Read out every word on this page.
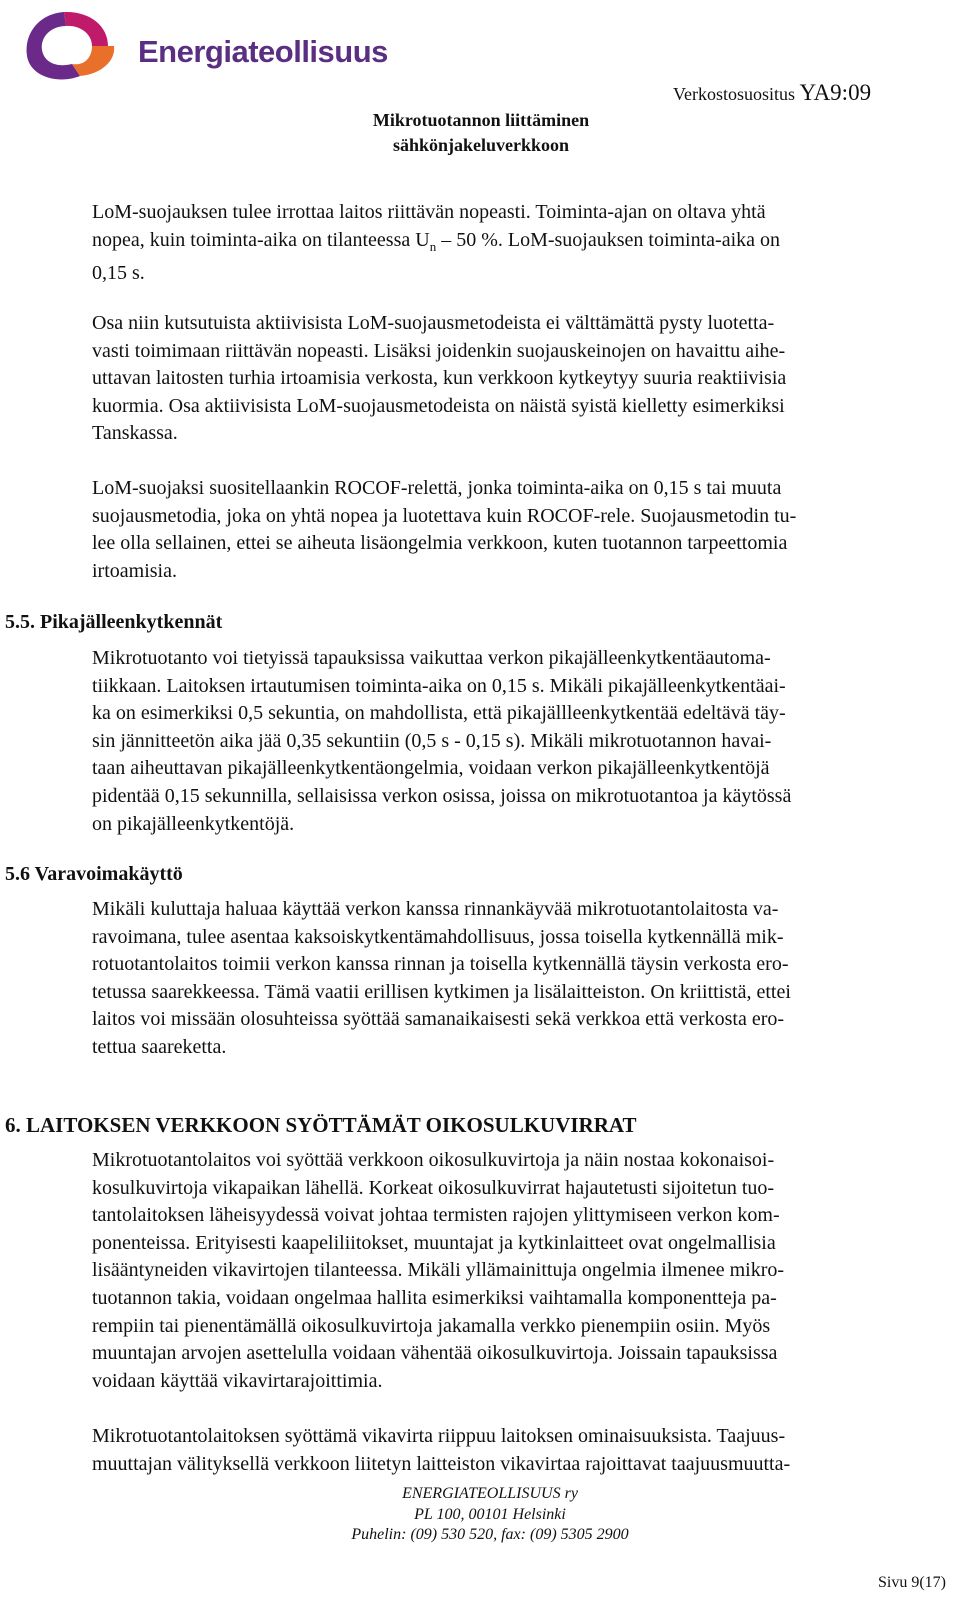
Energiateollisuus
Mikrotuotannon liittäminen
sähkönjakeluverkkoon
Verkostosuositus YA9:09

LoM-suojauksen tulee irrottaa laitos riittävän nopeasti. Toiminta-ajan on oltava yhtä
nopea, kuin toiminta-aika on tilanteessa $U_n - 50$ %. LoM-suojauksen toiminta-aika on
0,15 s.

Osa niin kutsutuista aktiivisista LoM-suojausmetodeista ei välttämättä pysty luotetta-
vasti toimimaan riittävän nopeasti. Lisäksi joidenkin suojauskeinojen on havaittu aihe-
uttavan laitosten turhia irtoamisia verkosta, kun verkkoon kytkeytyy suuria reaktiivisia
kuormia. Osa aktiivisista LoM-suojausmetodeista on näistä syistä kielletty esimerkiksi
Tanskassa.

LoM-suojaksi suositellaankin ROCOF-relettä, jonka toiminta-aika on 0,15 s tai muuta
suojausmetodia, joka on yhtä nopea ja luotettava kuin ROCOF-rele. Suojausmetodin tu-
lee olla sellainen, ettei se aiheuta lisäongelmia verkkoon, kuten tuotannon tarpeettomia
irtoamisia.

5.5. Pikajälleenkytkennät

Mikrotuotanto voi tietyissä tapauksissa vaikuttaa verkon pikajälleenkytkentäautoma-
tiikkaan. Laitoksen irtautumisen toiminta-aika on 0,15 s. Mikäli pikajälleenkytkentäai-
ka on esimerkiksi 0,5 sekuntia, on mahdollista, että pikajällleenkytkentää edeltävä täy-
sin jännitteetön aika jää 0,35 sekuntiin (0,5 s - 0,15 s). Mikäli mikrotuotannon havai-
taan aiheuttavan pikajälleenkytkentäongelmia, voidaan verkon pikajälleenkytkentöjä
pidentää 0,15 sekunnilla, sellaisissa verkon osissa, joissa on mikrotuotantoa ja käytössä
on pikajälleenkytkentöjä.

5.6 Varavoimakäyttö

Mikäli kuluttaja haluaa käyttää verkon kanssa rinnankäyvää mikrotuotantolaitosta va-
ravoimana, tulee asentaa kaksoiskytkentämahdollisuus, jossa toisella kytkennällä mik-
rotuotantolaitos toimii verkon kanssa rinnan ja toisella kytkennällä täysin verkosta ero-
tetussa saarekkeessa. Tämä vaatii erillisen kytkimen ja lisälaitteiston. On kriittistä, ettei
laitos voi missään olosuhteissa syöttää samanaikaisesti sekä verkkoa että verkosta ero-
tettua saareketta.

6. LAITOKSEN VERKKOON SYÖTTÄMÄT OIKOSULKUVIRRAT

Mikrotuotantolaitos voi syöttää verkkoon oikosulkuvirtoja ja näin nostaa kokonaisoi-
kosulkuvirtoja vikapaikan lähellä. Korkeat oikosulkuvirrat hajautetusti sijoitetun tuo-
tantolaitoksen läheisyydessä voivat johtaa termisten rajojen ylittymiseen verkon kom-
ponenteissa. Erityisesti kaapeliliitokset, muuntajat ja kytkinlaitteet ovat ongelmallisia
lisääntyneiden vikavirtojen tilanteessa. Mikäli yllämainittuja ongelmia ilmenee mikro-
tuotannon takia, voidaan ongelmaa hallita esimerkiksi vaihtamalla komponentteja pa-
rempiin tai pienentämällä oikosulkuvirtoja jakamalla verkko pienempiin osiin. Myös
muuntajan arvojen asettelulla voidaan vähentää oikosulkuvirtoja. Joissain tapauksissa
voidaan käyttää vikavirtarajoittimia.

Mikrotuotantolaitoksen syöttämä vikavirta riippuu laitoksen ominaisuuksista. Taajuus-
muuttajan välityksellä verkkoon liitetyn laitteiston vikavirtaa rajoittavat taajuusmuutta-

ENERGIATEOLLISUUS ry
PL 100, 00101 Helsinki
Puhelin: (09) 530 520, fax: (09) 5305 2900
Sivu 9(17)
